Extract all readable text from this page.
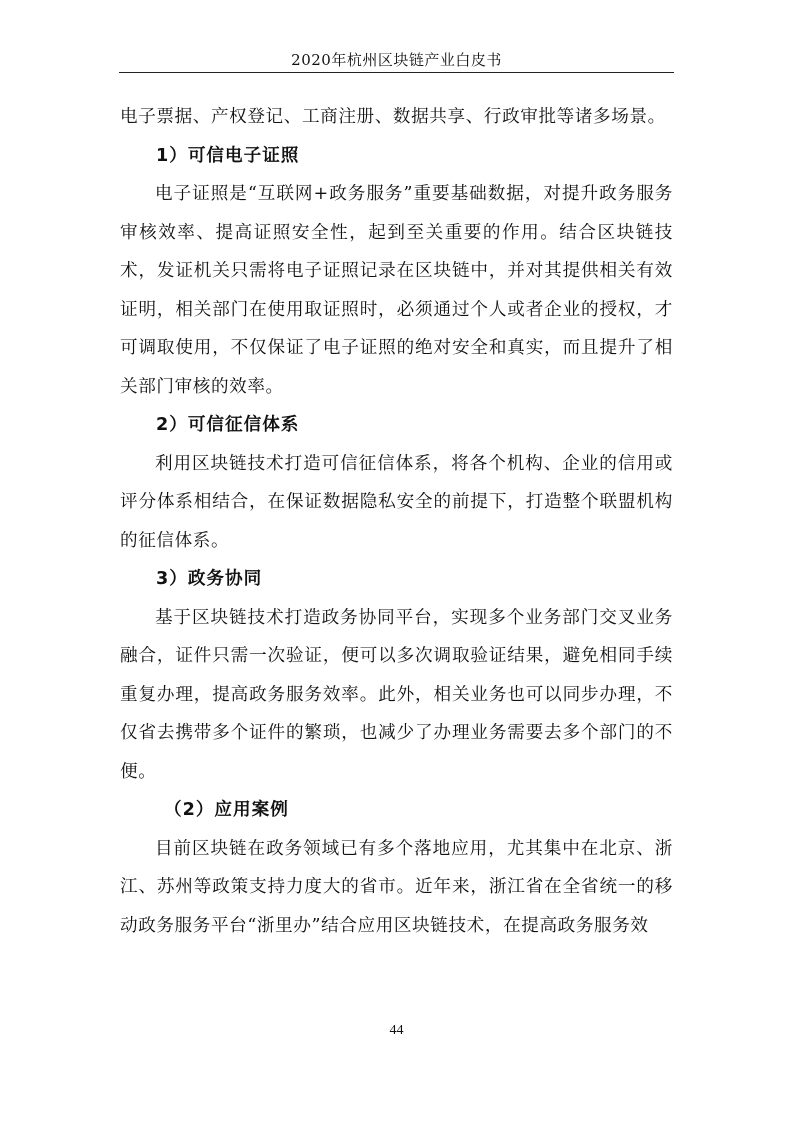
2020年杭州区块链产业白皮书

电子票据、产权登记、工商注册、数据共享、行政审批等诸多场景。

1）可信电子证照

电子证照是“互联网+政务服务”重要基础数据，对提升政务服务审核效率、提高证照安全性，起到至关重要的作用。结合区块链技术，发证机关只需将电子证照记录在区块链中，并对其提供相关有效证明，相关部门在使用取证照时，必须通过个人或者企业的授权，才可调取使用，不仅保证了电子证照的绝对安全和真实，而且提升了相关部门审核的效率。

2）可信征信体系

利用区块链技术打造可信征信体系，将各个机构、企业的信用或评分体系相结合，在保证数据隐私安全的前提下，打造整个联盟机构的征信体系。

3）政务协同

基于区块链技术打造政务协同平台，实现多个业务部门交叉业务融合，证件只需一次验证，便可以多次调取验证结果，避免相同手续重复办理，提高政务服务效率。此外，相关业务也可以同步办理，不仅省去携带多个证件的繁琐，也减少了办理业务需要去多个部门的不便。

（2）应用案例

目前区块链在政务领域已有多个落地应用，尤其集中在北京、浙江、苏州等政策支持力度大的省市。近年来，浙江省在全省统一的移动政务服务平台“浙里办”结合应用区块链技术，在提高政务服务效

44
